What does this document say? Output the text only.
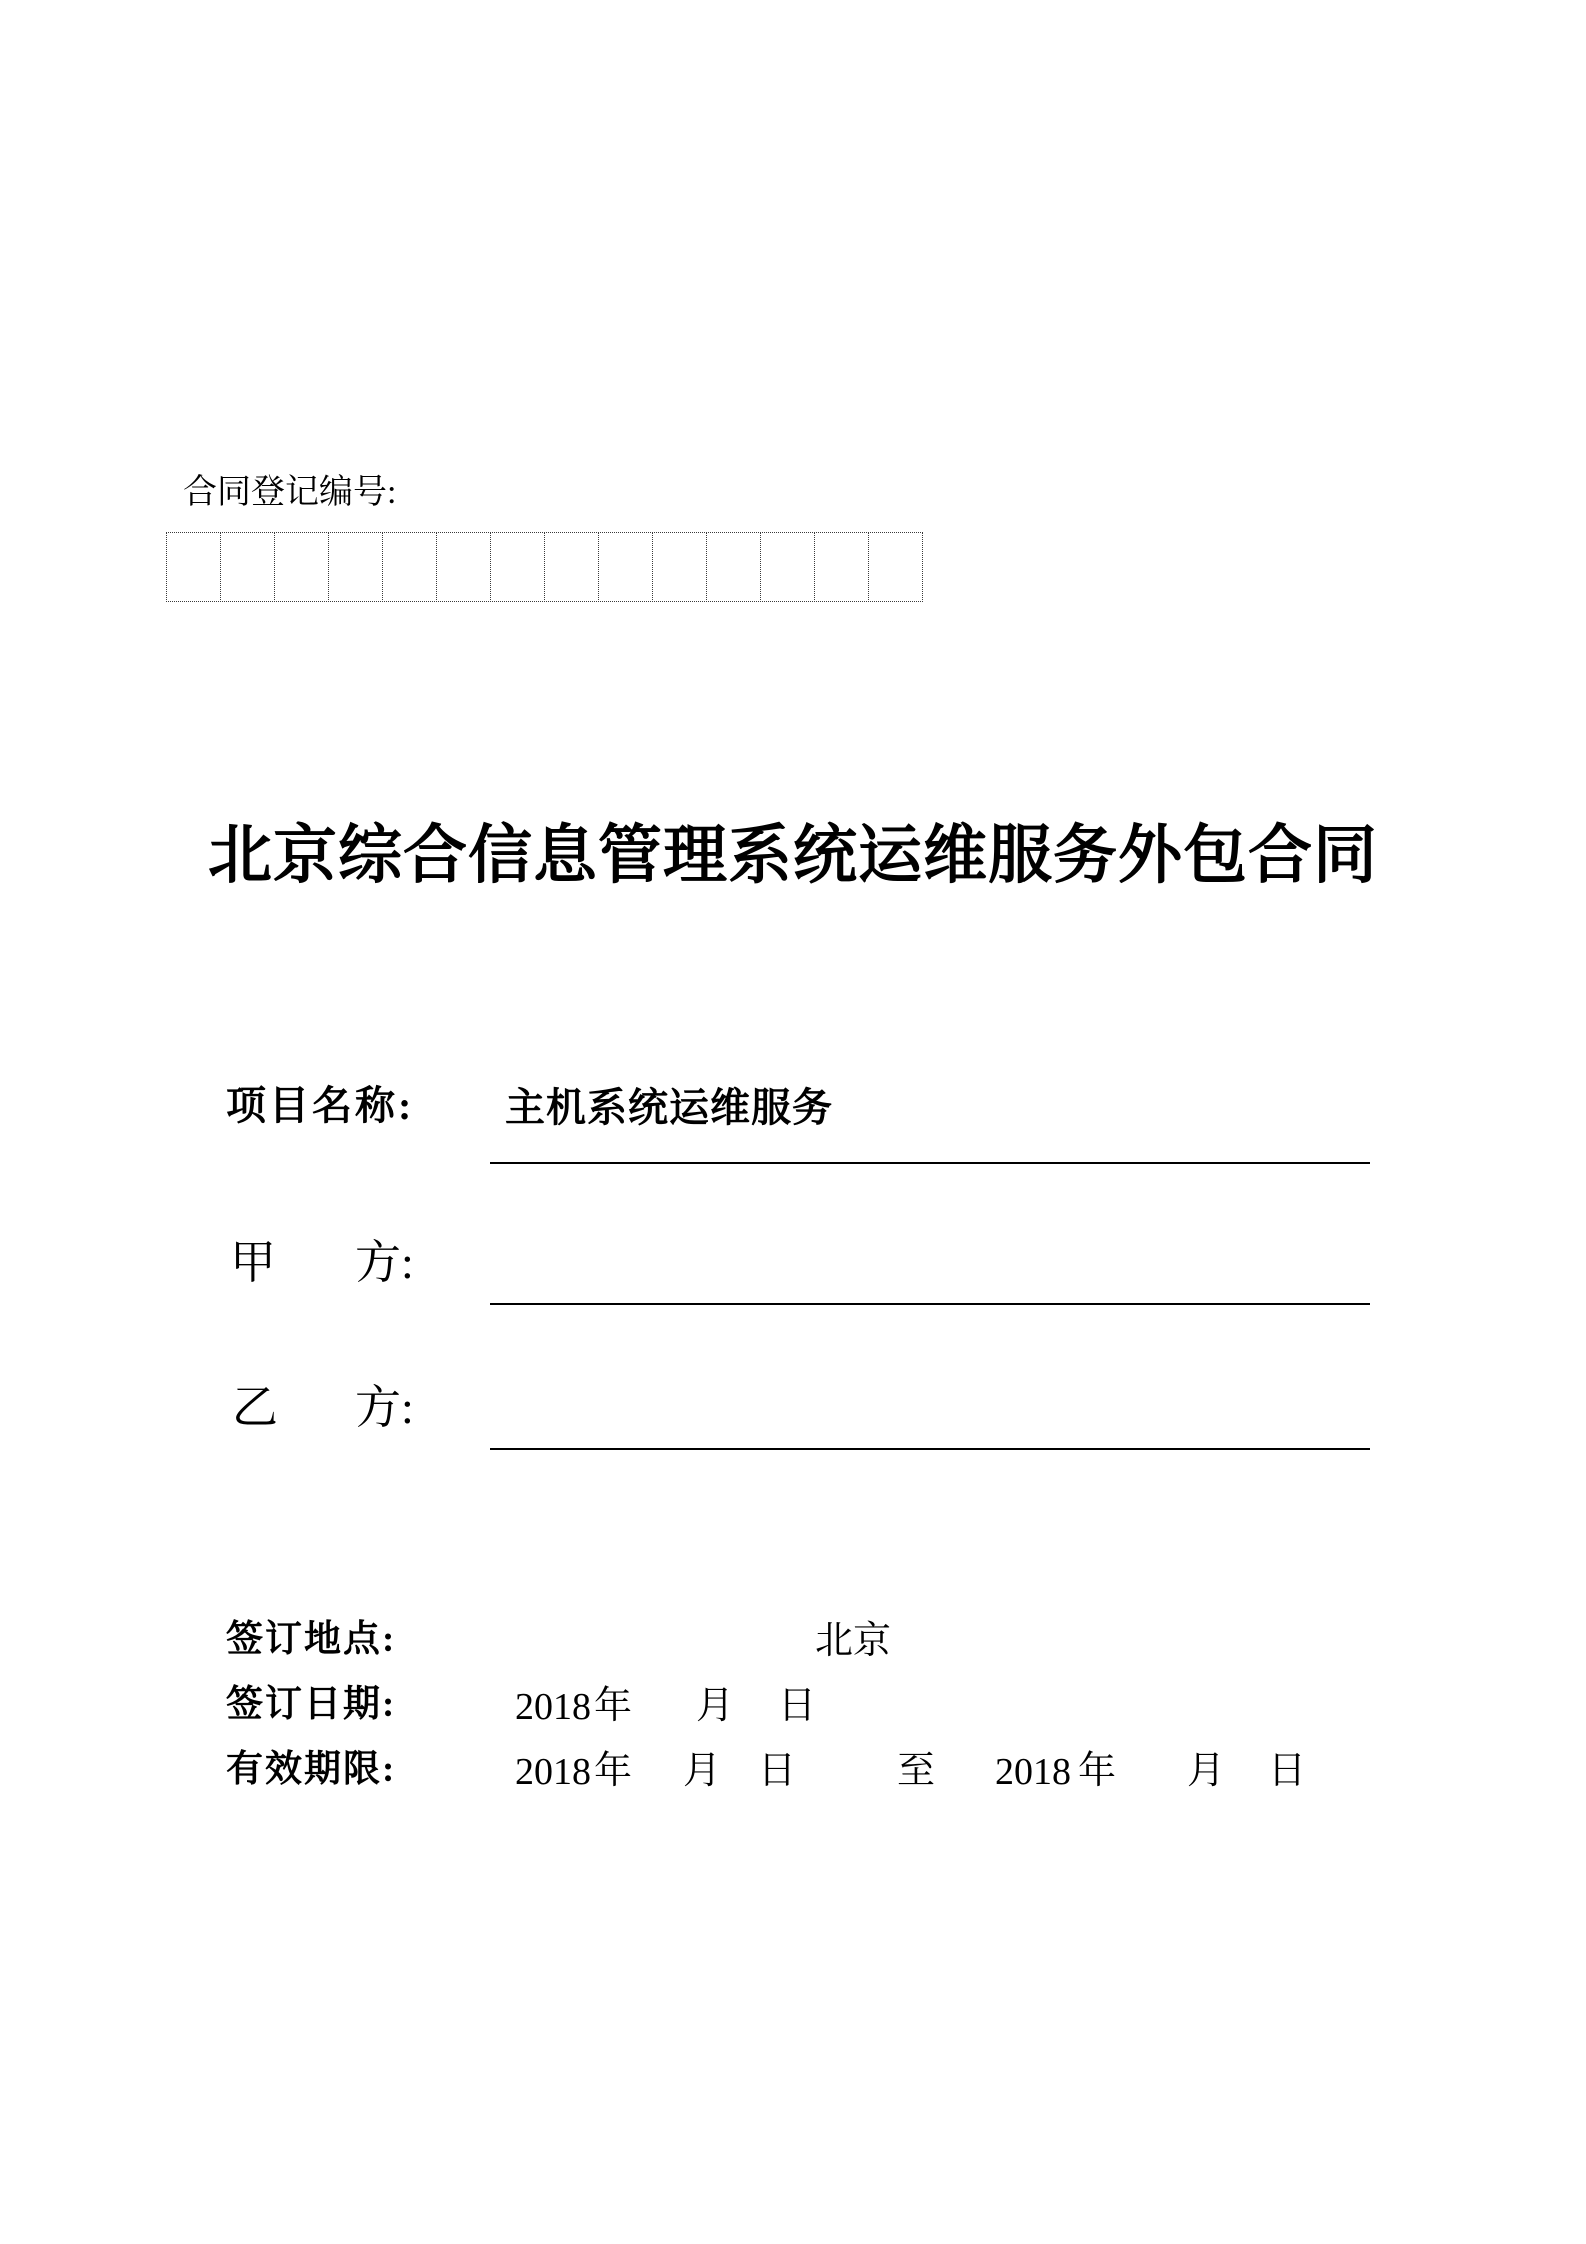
合同登记编号:
北京综合信息管理系统运维服务外包合同
项目名称: 主机系统运维服务
甲 方:
乙 方:
签订地点:	北京
签订日期:	2018 年 月 日
有效期限:	2018 年 月 日	至 2018 年 月 日
